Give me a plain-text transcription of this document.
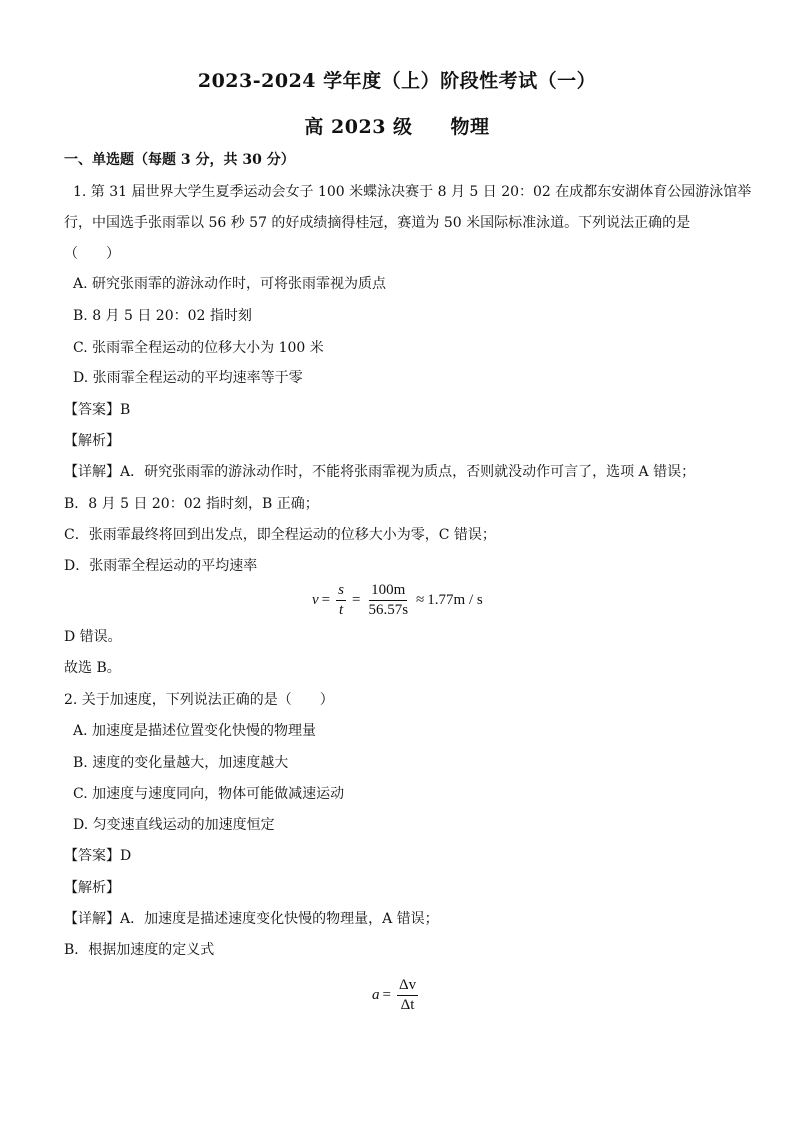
2023-2024 学年度（上）阶段性考试（一）
高 2023 级 物理
一、单选题（每题 3 分，共 30 分）
1. 第 31 届世界大学生夏季运动会女子 100 米蝶泳决赛于 8 月 5 日 20：02 在成都东安湖体育公园游泳馆举
行，中国选手张雨霏以 56 秒 57 的好成绩摘得桂冠，赛道为 50 米国际标准泳道。下列说法正确的是
（　　）
A. 研究张雨霏的游泳动作时，可将张雨霏视为质点
B. 8 月 5 日 20：02 指时刻
C. 张雨霏全程运动的位移大小为 100 米
D. 张雨霏全程运动的平均速率等于零
【答案】B
【解析】
【详解】A．研究张雨霏的游泳动作时，不能将张雨霏视为质点，否则就没动作可言了，选项 A 错误；
B．8 月 5 日 20：02 指时刻，B 正确；
C．张雨霏最终将回到出发点，即全程运动的位移大小为零，C 错误；
D．张雨霏全程运动的平均速率
$v = \frac{s}{t} = \frac{100m}{56.57s} \approx 1.77m / s$
D 错误。
故选 B。
2. 关于加速度，下列说法正确的是（　　）
A. 加速度是描述位置变化快慢的物理量
B. 速度的变化量越大，加速度越大
C. 加速度与速度同向，物体可能做减速运动
D. 匀变速直线运动的加速度恒定
【答案】D
【解析】
【详解】A．加速度是描述速度变化快慢的物理量，A 错误；
B．根据加速度的定义式
$a = \frac{\Delta v}{\Delta t}$
